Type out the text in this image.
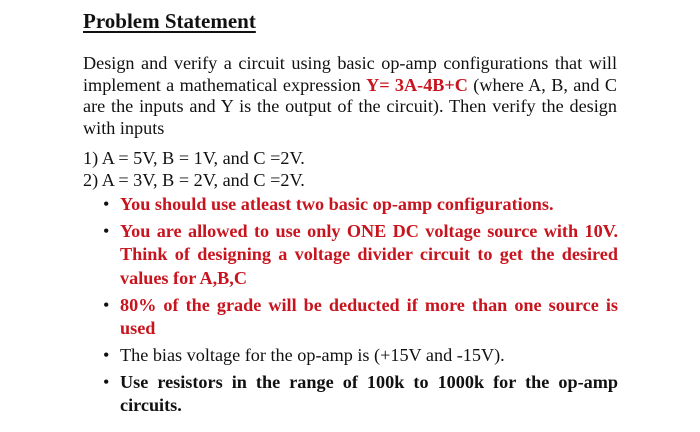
Problem Statement

Design and verify a circuit using basic op-amp configurations that will implement a mathematical expression Y= 3A-4B+C (where A, B, and C are the inputs and Y is the output of the circuit). Then verify the design with inputs

1) A = 5V, B = 1V, and C =2V.

2) A = 3V, B = 2V, and C =2V.

• You should use atleast two basic op-amp configurations.
• You are allowed to use only ONE DC voltage source with 10V. Think of designing a voltage divider circuit to get the desired values for A,B,C
• 80% of the grade will be deducted if more than one source is used
• The bias voltage for the op-amp is (+15V and -15V).
• Use resistors in the range of 100k to 1000k for the op-amp circuits.
